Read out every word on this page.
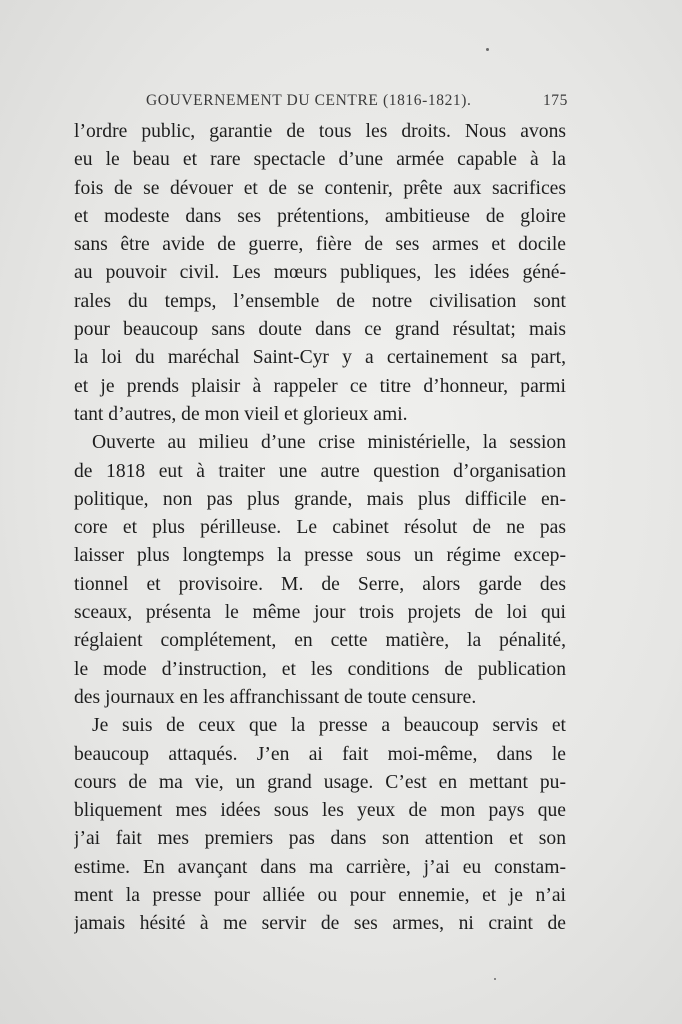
GOUVERNEMENT DU CENTRE (1816-1821).	175
l’ordre public, garantie de tous les droits. Nous avons
eu le beau et rare spectacle d’une armée capable à la
fois de se dévouer et de se contenir, prête aux sacrifices
et modeste dans ses prétentions, ambitieuse de gloire
sans être avide de guerre, fière de ses armes et docile
au pouvoir civil. Les mœurs publiques, les idées géné-
rales du temps, l’ensemble de notre civilisation sont
pour beaucoup sans doute dans ce grand résultat; mais
la loi du maréchal Saint-Cyr y a certainement sa part,
et je prends plaisir à rappeler ce titre d’honneur, parmi
tant d’autres, de mon vieil et glorieux ami.
Ouverte au milieu d’une crise ministérielle, la session
de 1818 eut à traiter une autre question d’organisation
politique, non pas plus grande, mais plus difficile en-
core et plus périlleuse. Le cabinet résolut de ne pas
laisser plus longtemps la presse sous un régime excep-
tionnel et provisoire. M. de Serre, alors garde des
sceaux, présenta le même jour trois projets de loi qui
réglaient complétement, en cette matière, la pénalité,
le mode d’instruction, et les conditions de publication
des journaux en les affranchissant de toute censure.
Je suis de ceux que la presse a beaucoup servis et
beaucoup attaqués. J’en ai fait moi-même, dans le
cours de ma vie, un grand usage. C’est en mettant pu-
bliquement mes idées sous les yeux de mon pays que
j’ai fait mes premiers pas dans son attention et son
estime. En avançant dans ma carrière, j’ai eu constam-
ment la presse pour alliée ou pour ennemie, et je n’ai
jamais hésité à me servir de ses armes, ni craint de
